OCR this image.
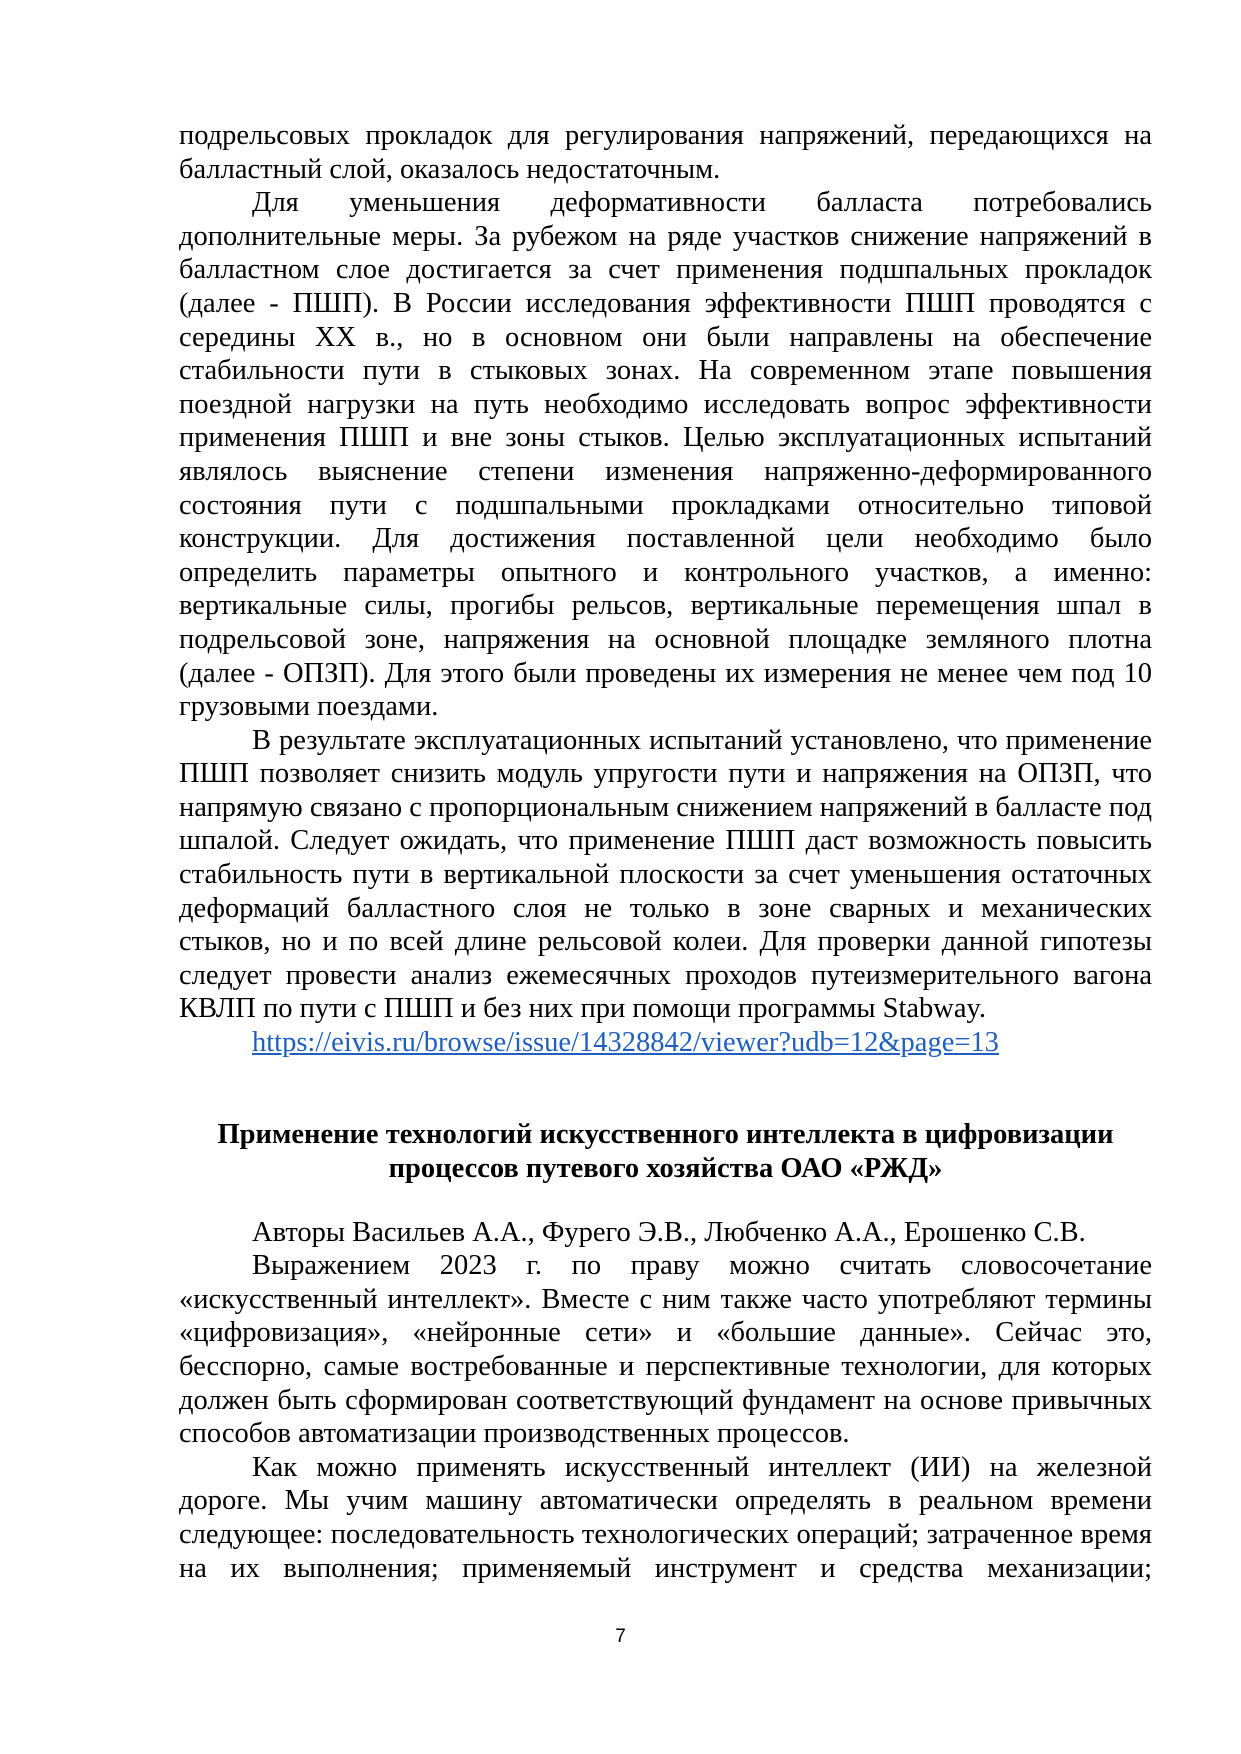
подрельсовых прокладок для регулирования напряжений, передающихся на балластный слой, оказалось недостаточным.

Для уменьшения деформативности балласта потребовались дополнительные меры. За рубежом на ряде участков снижение напряжений в балластном слое достигается за счет применения подшпальных прокладок (далее - ПШП). В России исследования эффективности ПШП проводятся с середины XX в., но в основном они были направлены на обеспечение стабильности пути в стыковых зонах. На современном этапе повышения поездной нагрузки на путь необходимо исследовать вопрос эффективности применения ПШП и вне зоны стыков. Целью эксплуатационных испытаний являлось выяснение степени изменения напряженно-деформированного состояния пути с подшпальными прокладками относительно типовой конструкции. Для достижения поставленной цели необходимо было определить параметры опытного и контрольного участков, а именно: вертикальные силы, прогибы рельсов, вертикальные перемещения шпал в подрельсовой зоне, напряжения на основной площадке земляного плотна (далее - ОПЗП). Для этого были проведены их измерения не менее чем под 10 грузовыми поездами.

В результате эксплуатационных испытаний установлено, что применение ПШП позволяет снизить модуль упругости пути и напряжения на ОПЗП, что напрямую связано с пропорциональным снижением напряжений в балласте под шпалой. Следует ожидать, что применение ПШП даст возможность повысить стабильность пути в вертикальной плоскости за счет уменьшения остаточных деформаций балластного слоя не только в зоне сварных и механических стыков, но и по всей длине рельсовой колеи. Для проверки данной гипотезы следует провести анализ ежемесячных проходов путеизмерительного вагона КВЛП по пути с ПШП и без них при помощи программы Stabway.

https://eivis.ru/browse/issue/14328842/viewer?udb=12&page=13
Применение технологий искусственного интеллекта в цифровизации
процессов путевого хозяйства ОАО «РЖД»

Авторы Васильев А.А., Фурего Э.В., Любченко А.А., Ерошенко С.В.

Выражением 2023 г. по праву можно считать словосочетание «искусственный интеллект». Вместе с ним также часто употребляют термины «цифровизация», «нейронные сети» и «большие данные». Сейчас это, бесспорно, самые востребованные и перспективные технологии, для которых должен быть сформирован соответствующий фундамент на основе привычных способов автоматизации производственных процессов.

Как можно применять искусственный интеллект (ИИ) на железной дороге. Мы учим машину автоматически определять в реальном времени следующее: последовательность технологических операций; затраченное время на их выполнения; применяемый инструмент и средства механизации;

7
